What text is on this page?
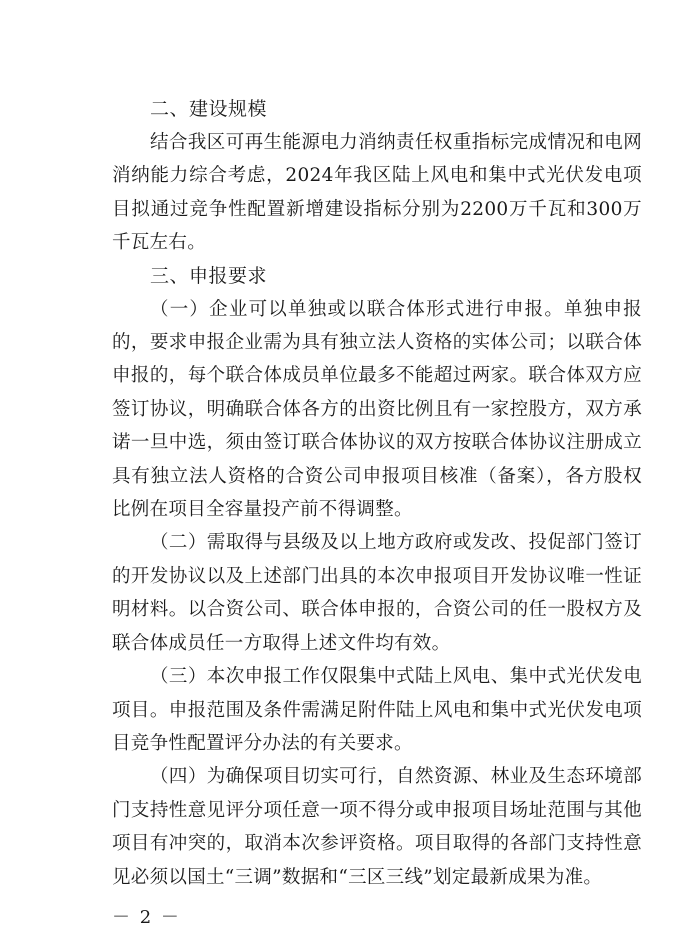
二、建设规模

结合我区可再生能源电力消纳责任权重指标完成情况和电网消纳能力综合考虑，2024年我区陆上风电和集中式光伏发电项目拟通过竞争性配置新增建设指标分别为2200万千瓦和300万千瓦左右。

三、申报要求

（一）企业可以单独或以联合体形式进行申报。单独申报的，要求申报企业需为具有独立法人资格的实体公司；以联合体申报的，每个联合体成员单位最多不能超过两家。联合体双方应签订协议，明确联合体各方的出资比例且有一家控股方，双方承诺一旦中选，须由签订联合体协议的双方按联合体协议注册成立具有独立法人资格的合资公司申报项目核准（备案），各方股权比例在项目全容量投产前不得调整。

（二）需取得与县级及以上地方政府或发改、投促部门签订的开发协议以及上述部门出具的本次申报项目开发协议唯一性证明材料。以合资公司、联合体申报的，合资公司的任一股权方及联合体成员任一方取得上述文件均有效。

（三）本次申报工作仅限集中式陆上风电、集中式光伏发电项目。申报范围及条件需满足附件陆上风电和集中式光伏发电项目竞争性配置评分办法的有关要求。

（四）为确保项目切实可行，自然资源、林业及生态环境部门支持性意见评分项任意一项不得分或申报项目场址范围与其他项目有冲突的，取消本次参评资格。项目取得的各部门支持性意见必须以国土“三调”数据和“三区三线”划定最新成果为准。

－ 2 －
